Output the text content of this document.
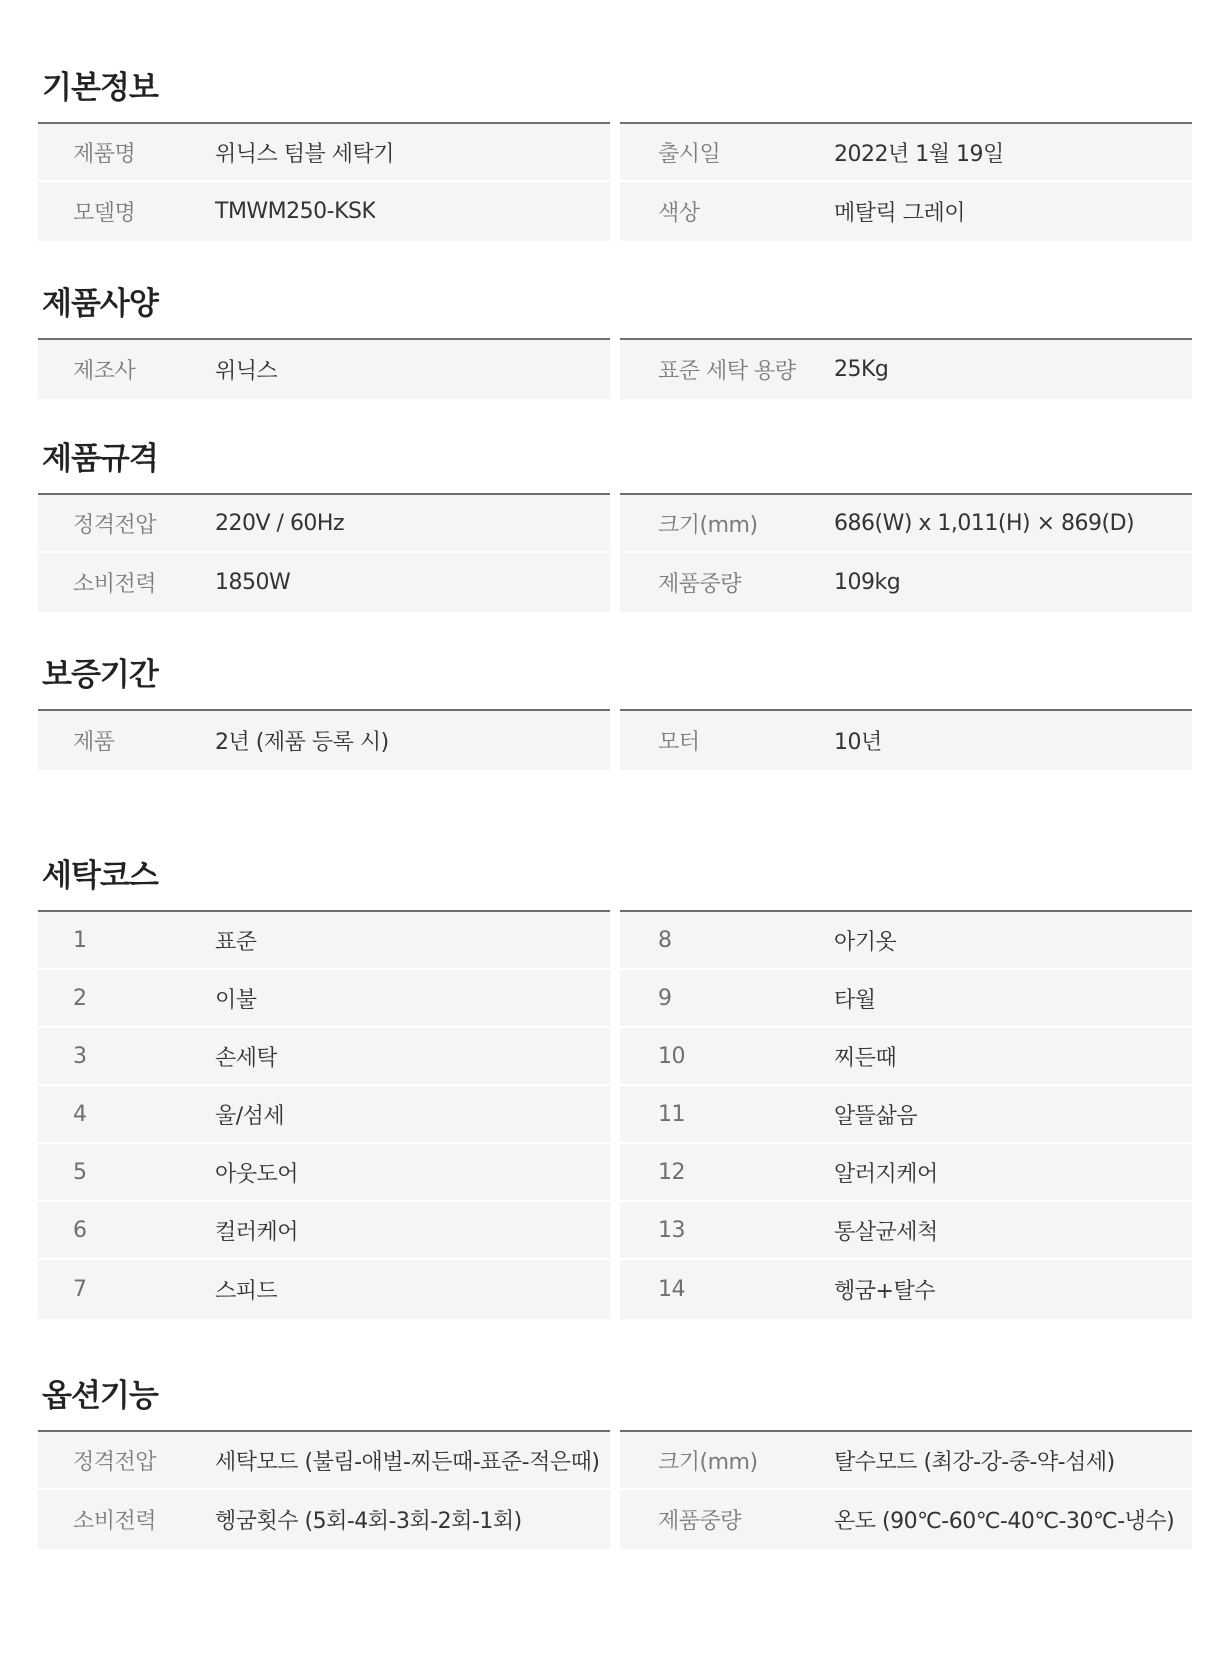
기본정보
제품명	위닉스 텀블 세탁기
모델명	TMWM250-KSK
출시일	2022년 1월 19일
색상	메탈릭 그레이
제품사양
제조사	위닉스	표준 세탁 용량	25Kg
제품규격
정격전압	220V / 60Hz
소비전력	1850W
크기(mm)	686(W) x 1,011(H) × 869(D)
제품중량	109kg
보증기간
제품	2년 (제품 등록 시)	모터	10년
세탁코스
1	표준
2	이불
3	손세탁
4	울/섬세
5	아웃도어
6	컬러케어
7	스피드
8	아기옷
9	타월
10	찌든때
11	알뜰삶음
12	알러지케어
13	통살균세척
14	헹굼+탈수
옵션기능
정격전압	세탁모드 (불림-애벌-찌든때-표준-적은때)
소비전력	헹굼횟수 (5회-4회-3회-2회-1회)
크기(mm)	탈수모드 (최강-강-중-약-섬세)
제품중량	온도 (90℃-60℃-40℃-30℃-냉수)
